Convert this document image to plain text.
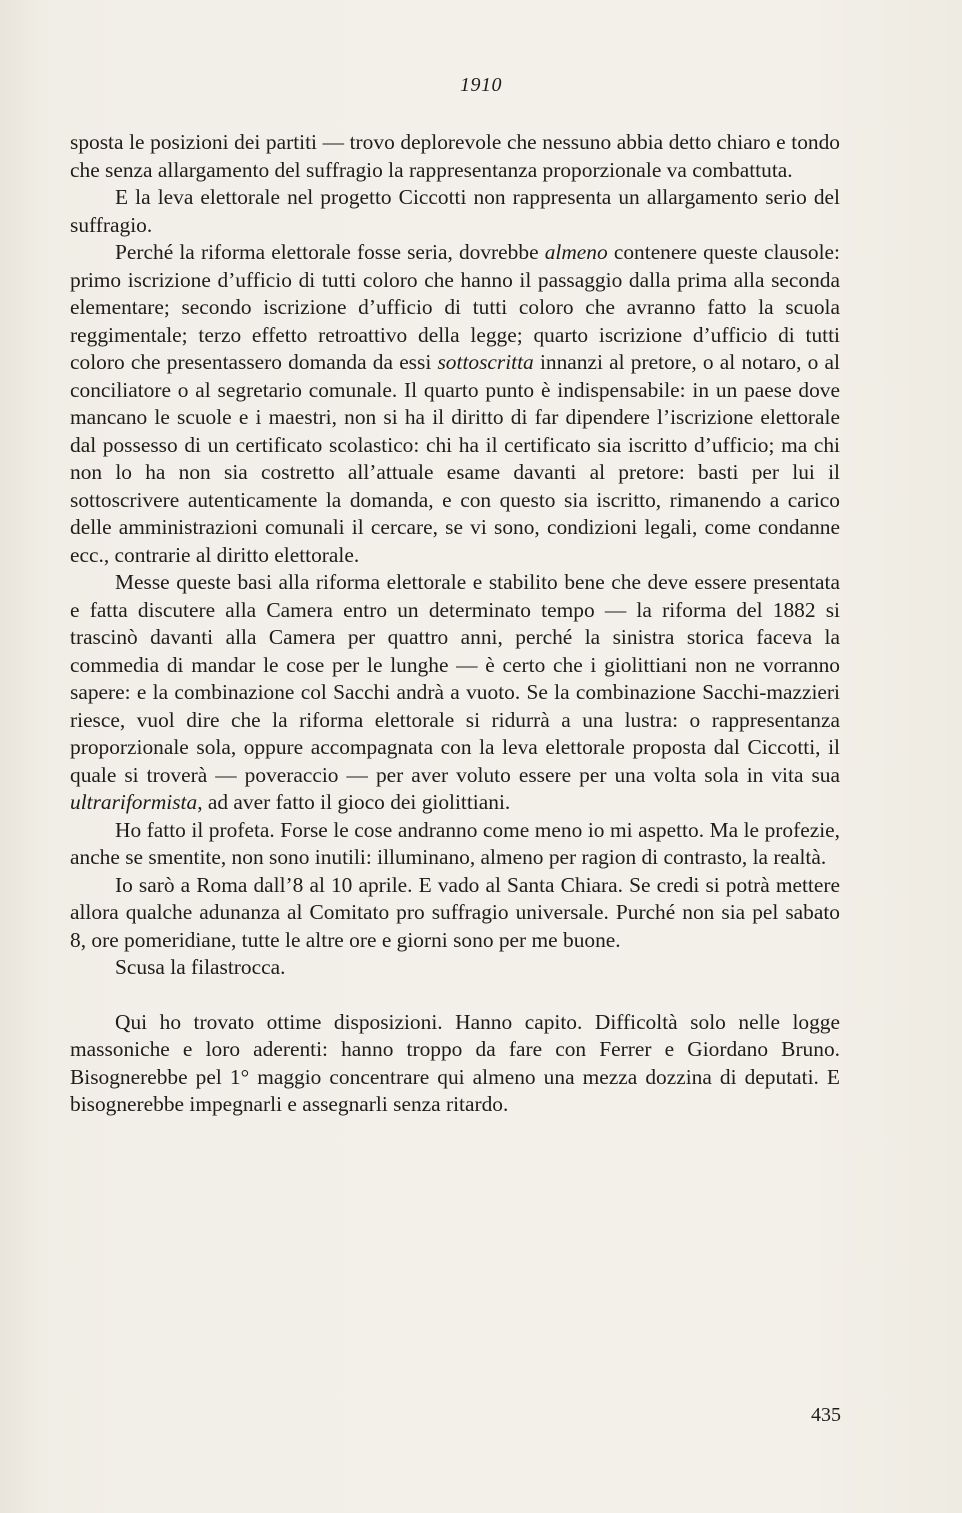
1910

sposta le posizioni dei partiti — trovo deplorevole che nessuno abbia detto chiaro e tondo che senza allargamento del suffragio la rappresentanza proporzionale va combattuta.

E la leva elettorale nel progetto Ciccotti non rappresenta un allargamento serio del suffragio.

Perché la riforma elettorale fosse seria, dovrebbe almeno contenere queste clausole: primo iscrizione d’ufficio di tutti coloro che hanno il passaggio dalla prima alla seconda elementare; secondo iscrizione d’ufficio di tutti coloro che avranno fatto la scuola reggimentale; terzo effetto retroattivo della legge; quarto iscrizione d’ufficio di tutti coloro che presentassero domanda da essi sottoscritta innanzi al pretore, o al notaro, o al conciliatore o al segretario comunale. Il quarto punto è indispensabile: in un paese dove mancano le scuole e i maestri, non si ha il diritto di far dipendere l’iscrizione elettorale dal possesso di un certificato scolastico: chi ha il certificato sia iscritto d’ufficio; ma chi non lo ha non sia costretto all’attuale esame davanti al pretore: basti per lui il sottoscrivere autenticamente la domanda, e con questo sia iscritto, rimanendo a carico delle amministrazioni comunali il cercare, se vi sono, condizioni legali, come condanne ecc., contrarie al diritto elettorale.

Messe queste basi alla riforma elettorale e stabilito bene che deve essere presentata e fatta discutere alla Camera entro un determinato tempo — la riforma del 1882 si trascinò davanti alla Camera per quattro anni, perché la sinistra storica faceva la commedia di mandar le cose per le lunghe — è certo che i giolittiani non ne vorranno sapere: e la combinazione col Sacchi andrà a vuoto. Se la combinazione Sacchi-mazzieri riesce, vuol dire che la riforma elettorale si ridurrà a una lustra: o rappresentanza proporzionale sola, oppure accompagnata con la leva elettorale proposta dal Ciccotti, il quale si troverà — poveraccio — per aver voluto essere per una volta sola in vita sua ultrariformista, ad aver fatto il gioco dei giolittiani.

Ho fatto il profeta. Forse le cose andranno come meno io mi aspetto. Ma le profezie, anche se smentite, non sono inutili: illuminano, almeno per ragion di contrasto, la realtà.

Io sarò a Roma dall’8 al 10 aprile. E vado al Santa Chiara. Se credi si potrà mettere allora qualche adunanza al Comitato pro suffragio universale. Purché non sia pel sabato 8, ore pomeridiane, tutte le altre ore e giorni sono per me buone.

Scusa la filastrocca.

Qui ho trovato ottime disposizioni. Hanno capito. Difficoltà solo nelle logge massoniche e loro aderenti: hanno troppo da fare con Ferrer e Giordano Bruno. Bisognerebbe pel 1° maggio concentrare qui almeno una mezza dozzina di deputati. E bisognerebbe impegnarli e assegnarli senza ritardo.

435
